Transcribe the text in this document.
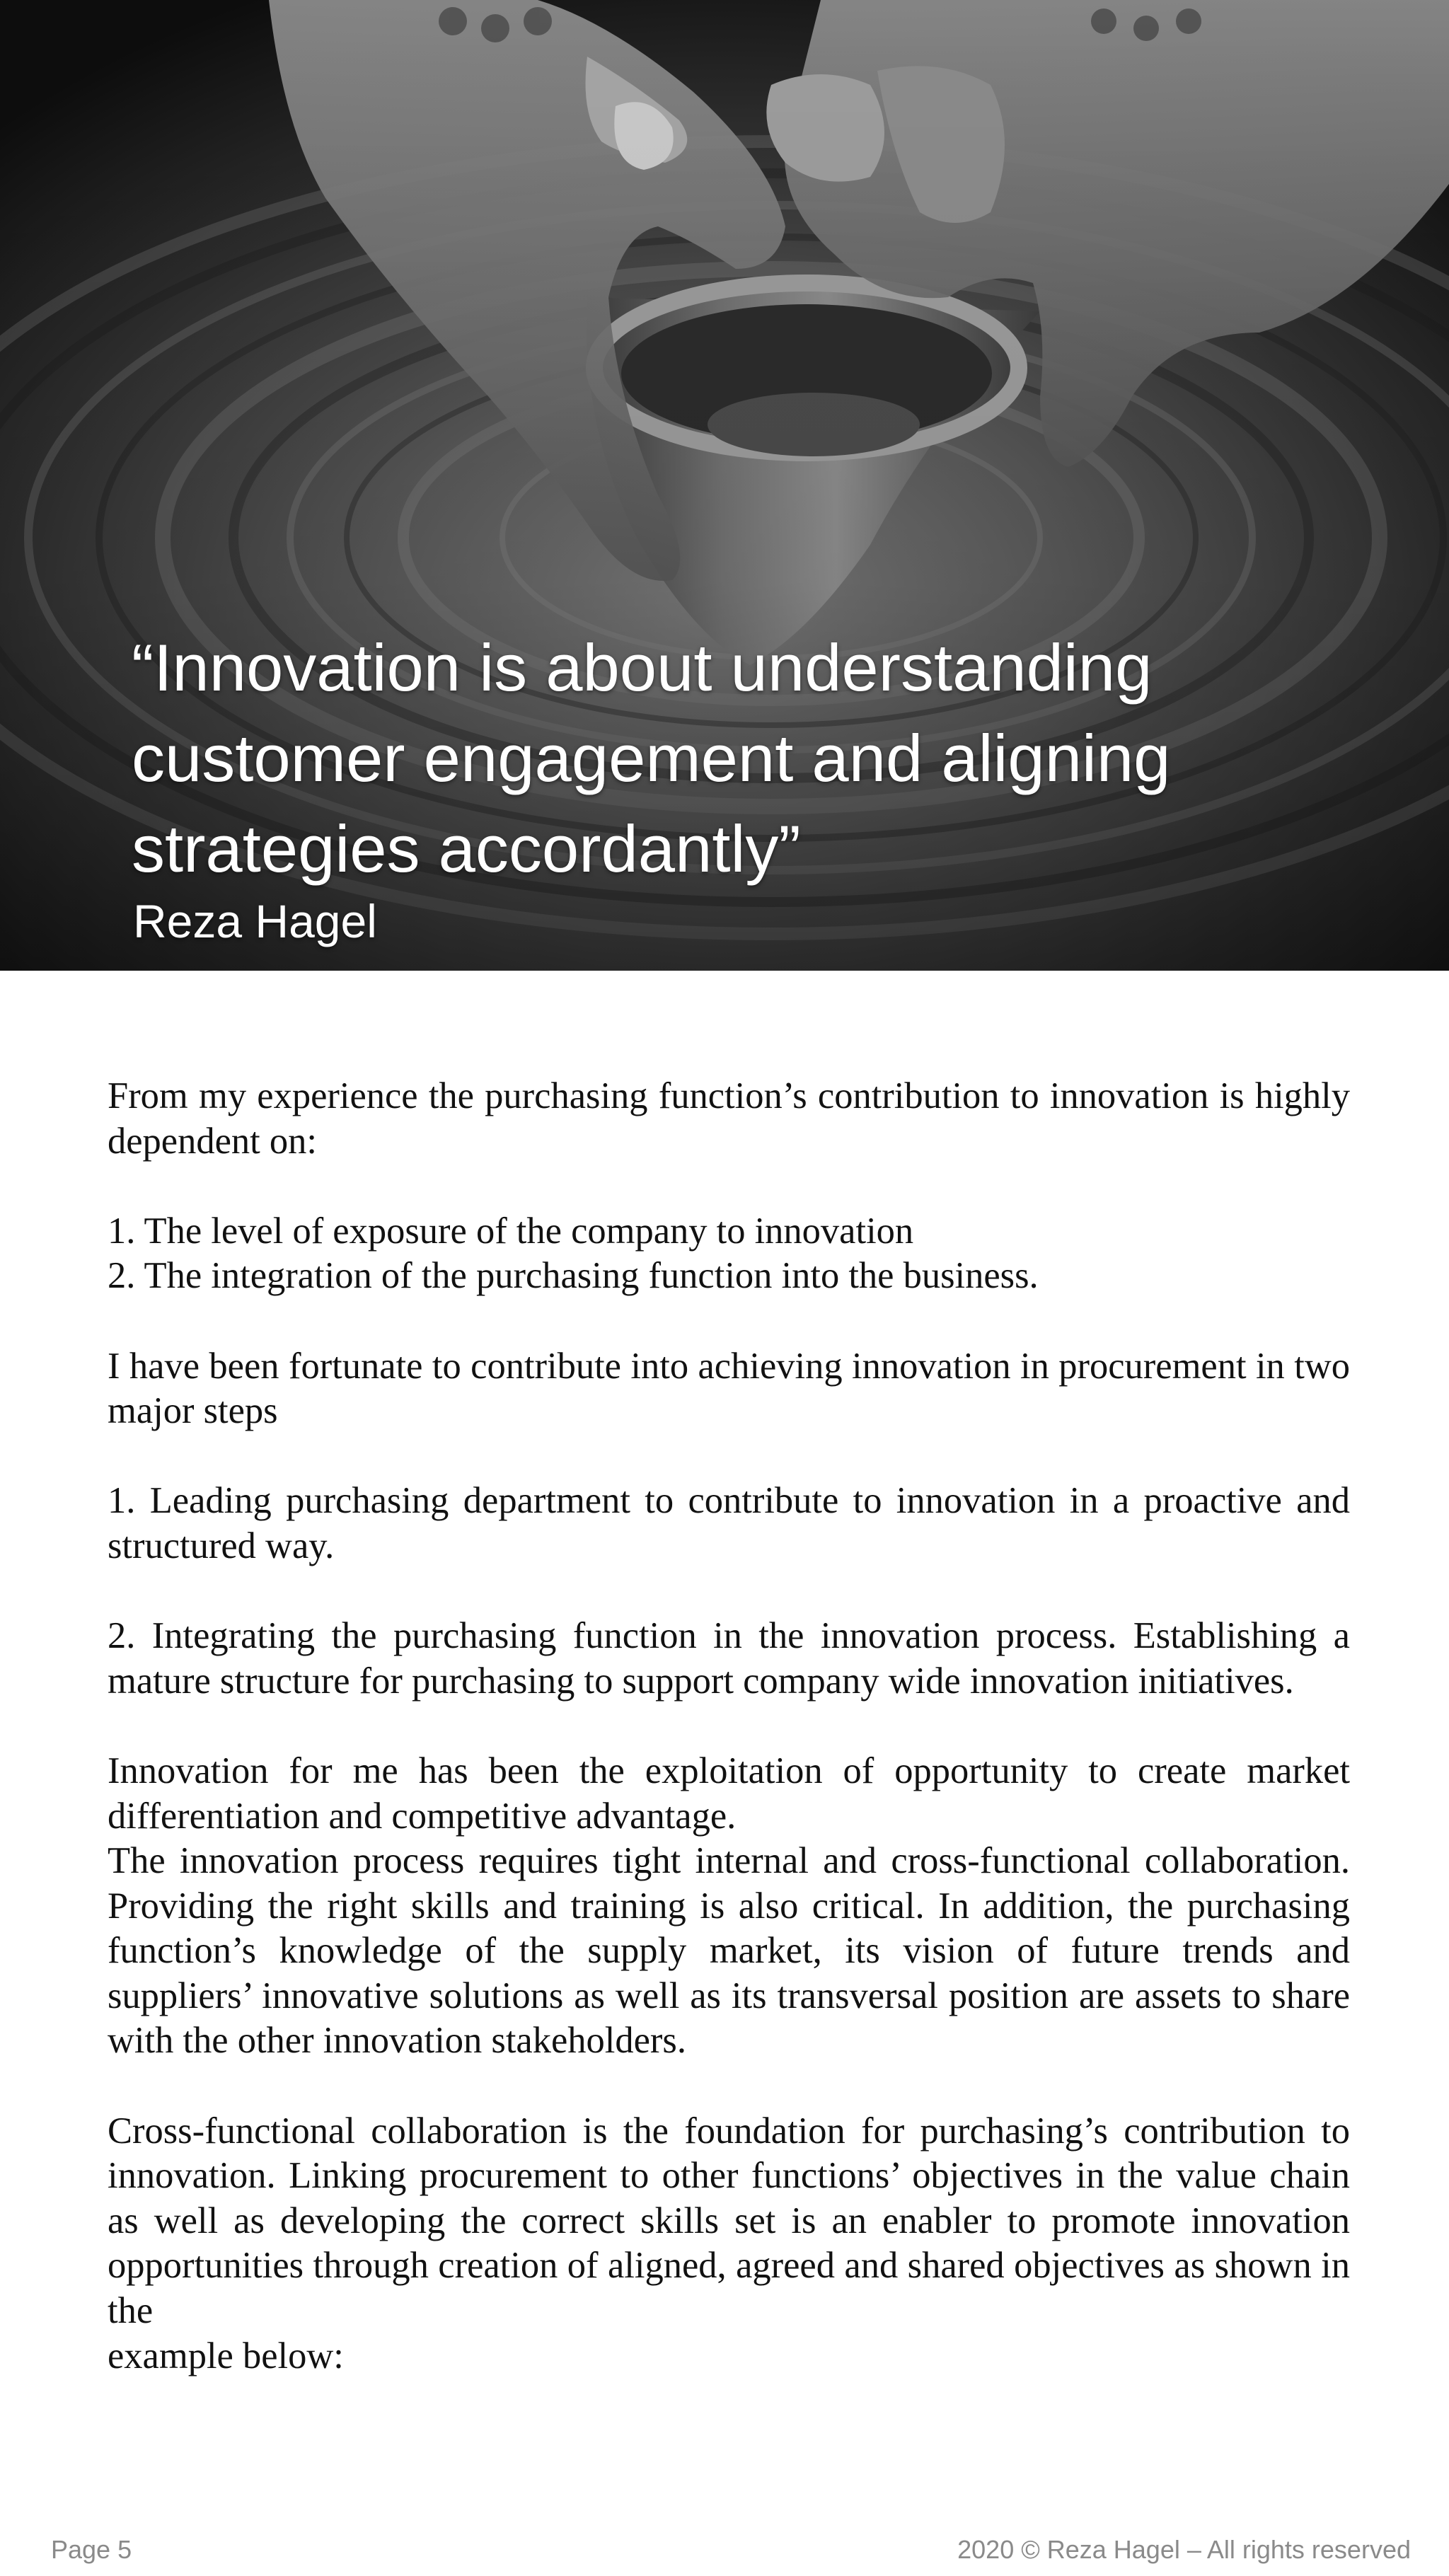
“Innovation is about understanding
customer engagement and aligning
strategies accordantly”

Reza Hagel

From my experience the purchasing function’s contribution to innovation is highly dependent on:

1. The level of exposure of the company to innovation

2. The integration of the purchasing function into the business.

I have been fortunate to contribute into achieving innovation in procurement in two major steps

1. Leading purchasing department to contribute to innovation in a proactive and structured way.

2. Integrating the purchasing function in the innovation process. Establishing a mature structure for purchasing to support company wide innovation initiatives.

Innovation for me has been the exploitation of opportunity to create market differentiation and competitive advantage.

The innovation process requires tight internal and cross-functional collaboration. Providing the right skills and training is also critical. In addition, the purchasing function’s knowledge of the supply market, its vision of future trends and suppliers’ innovative solutions as well as its transversal position are assets to share with the other innovation stakeholders.

Cross-functional collaboration is the foundation for purchasing’s contribution to innovation. Linking procurement to other functions’ objectives in the value chain as well as developing the correct skills set is an enabler to promote innovation opportunities through creation of aligned, agreed and shared objectives as shown in the

example below:

Page 5	2020 © Reza Hagel – All rights reserved
